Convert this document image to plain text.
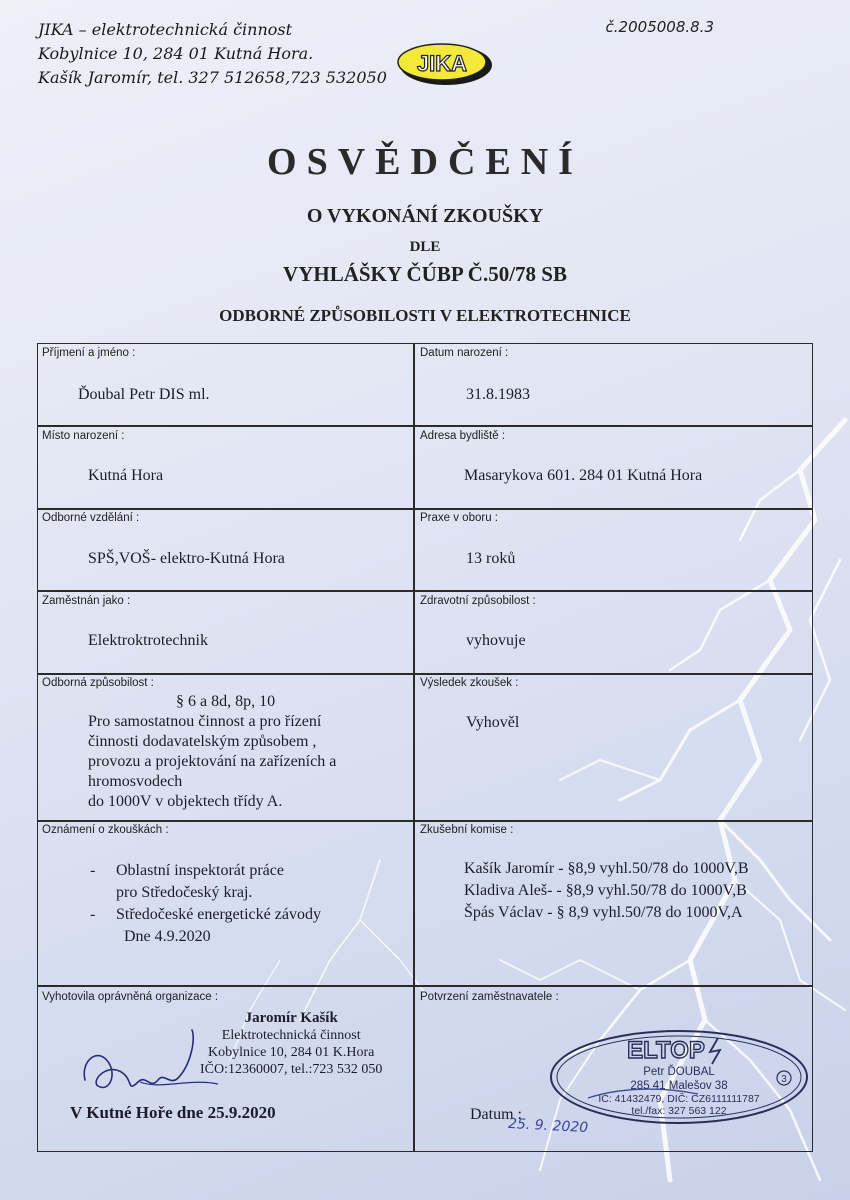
JIKA – elektrotechnická činnost
Kobylnice 10, 284 01 Kutná Hora.
Kašík Jaromír, tel. 327 512658,723 532050
č.2005008.8.3
JIKA
OSVĚDČENÍ
O VYKONÁNÍ ZKOUŠKY
DLE
VYHLÁŠKY ČÚBP Č.50/78 SB
ODBORNÉ ZPŮSOBILOSTI V ELEKTROTECHNICE
Příjmení a jméno :
Ďoubal Petr DIS ml.
Datum narození :
31.8.1983
Místo narození :
Kutná Hora
Adresa bydliště :
Masarykova 601. 284 01 Kutná Hora
Odborné vzdělání :
SPŠ,VOŠ- elektro-Kutná Hora
Praxe v oboru :
13 roků
Zaměstnán jako :
Elektroktrotechnik
Zdravotní způsobilost :
vyhovuje
Odborná způsobilost :
§ 6 a 8d, 8p, 10
Pro samostatnou činnost a pro řízení
činnosti dodavatelským způsobem ,
provozu a projektování na zařízeních a
hromosvodech
do 1000V v objektech třídy A.
Výsledek zkoušek :
Vyhověl
Oznámení o zkouškách :
- Oblastní inspektorát práce
pro Středočeský kraj.
- Středočeské energetické závody
Dne 4.9.2020
Zkušební komise :
Kašík Jaromír - §8,9 vyhl.50/78 do 1000V,B
Kladiva Aleš- - §8,9 vyhl.50/78 do 1000V,B
Špás Václav - § 8,9 vyhl.50/78 do 1000V,A
Vyhotovila oprávněná organizace :	Potvrzení zaměstnavatele :
Jaromír Kašík
Elektrotechnická činnost
Kobylnice 10, 284 01 K.Hora
IČO:12360007, tel.:723 532 050
V Kutné Hoře dne 25.9.2020
ELTOP
Petr ĎOUBAL
285 41 Malešov 38
IČ: 41432479, DIČ: CZ6111111787
tel./fax: 327 563 122
3
Datum :
25. 9. 2020
